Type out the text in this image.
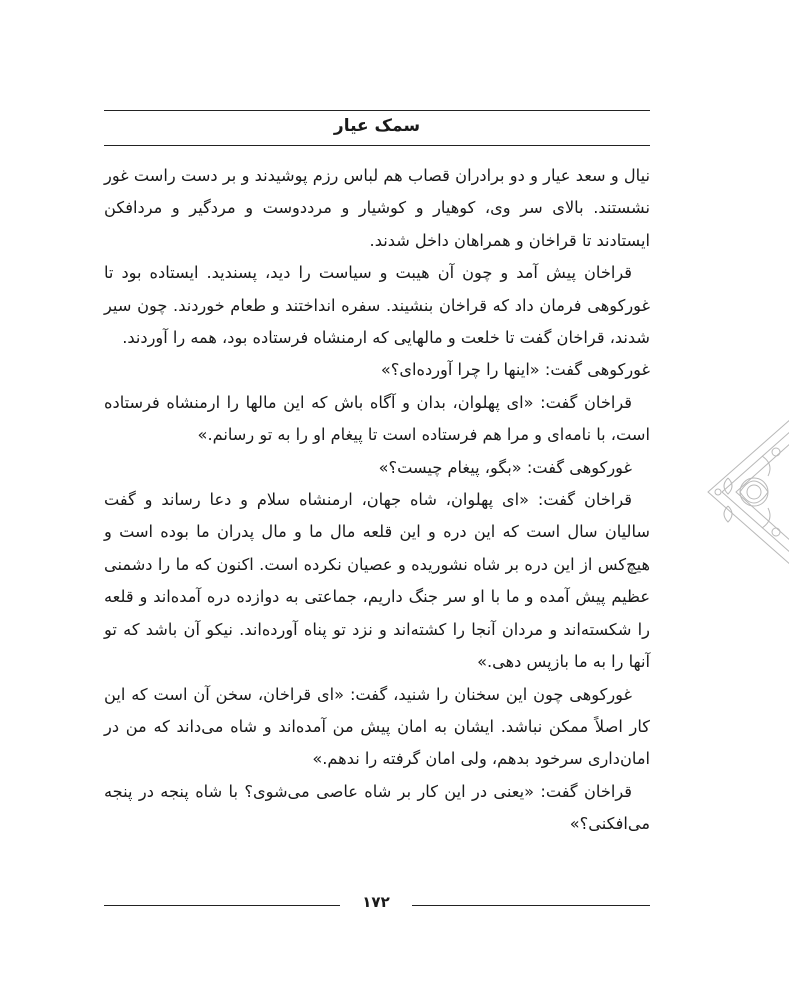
سمک عیار

نیال و سعد عیار و دو برادران قصاب هم لباس رزم پوشیدند و بر دست راست غور نشستند. بالای سر وی، کوهیار و کوشیار و مرددوست و مردگیر و مردافکن ایستادند تا قراخان و همراهان داخل شدند.

قراخان پیش آمد و چون آن هیبت و سیاست را دید، پسندید. ایستاده بود تا غورکوهی فرمان داد که قراخان بنشیند. سفره انداختند و طعام خوردند. چون سیر شدند، قراخان گفت تا خلعت و مالهایی که ارمنشاه فرستاده بود، همه را آوردند.

غورکوهی گفت: «اینها را چرا آورده‌ای؟»

قراخان گفت: «ای پهلوان، بدان و آگاه باش که این مالها را ارمنشاه فرستاده است، با نامه‌ای و مرا هم فرستاده است تا پیغام او را به تو رسانم.»

غورکوهی گفت: «بگو، پیغام چیست؟»

قراخان گفت: «ای پهلوان، شاه جهان، ارمنشاه سلام و دعا رساند و گفت سالیان سال است که این دره و این قلعه مال ما و مال پدران ما بوده است و هیچ‌کس از این دره بر شاه نشوریده و عصیان نکرده است. اکنون که ما را دشمنی عظیم پیش آمده و ما با او سر جنگ داریم، جماعتی به دوازده دره آمده‌اند و قلعه را شکسته‌اند و مردان آنجا را کشته‌اند و نزد تو پناه آورده‌اند. نیکو آن باشد که تو آنها را به ما بازپس دهی.»

غورکوهی چون این سخنان را شنید، گفت: «ای قراخان، سخن آن است که این کار اصلاً ممکن نباشد. ایشان به امان پیش من آمده‌اند و شاه می‌داند که من در امان‌داری سرخود بدهم، ولی امان گرفته را ندهم.»

قراخان گفت: «یعنی در این کار بر شاه عاصی می‌شوی؟ با شاه پنجه در پنجه می‌افکنی؟»

۱۷۲
